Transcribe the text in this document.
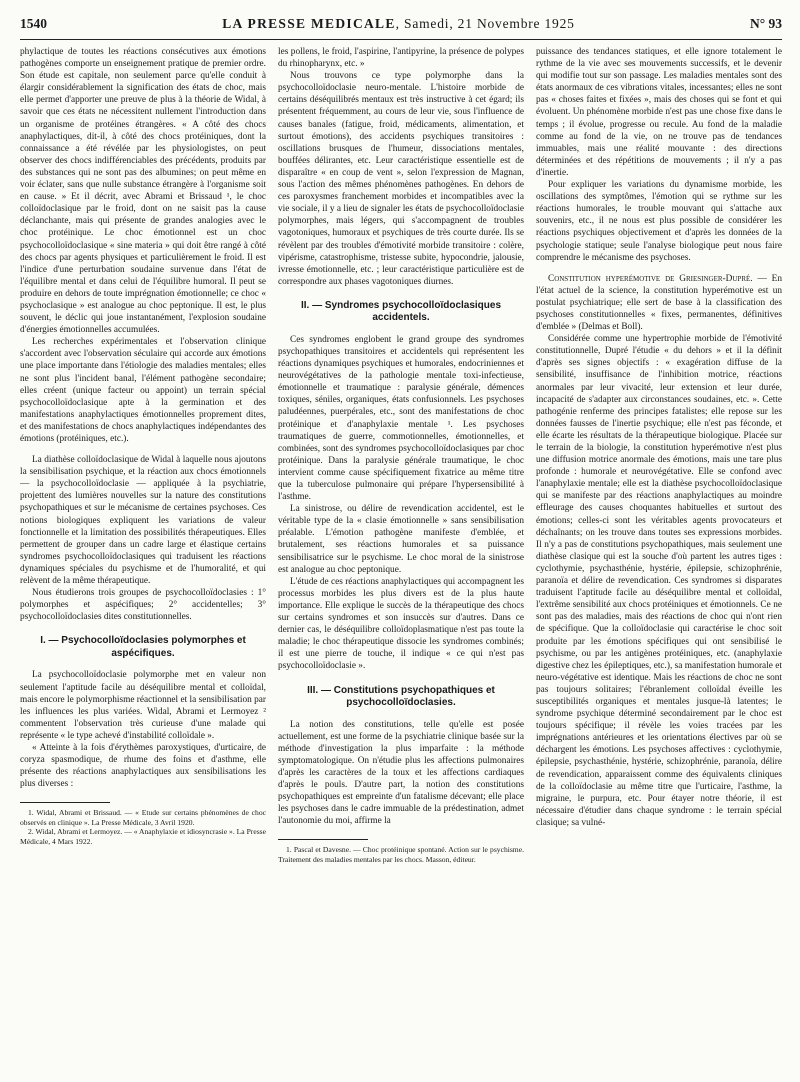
1540	LA PRESSE MEDICALE, Samedi, 21 Novembre 1925	N° 93

phylactique de toutes les réactions consécutives aux émotions pathogènes comporte un enseignement pratique de premier ordre. Son étude est capitale, non seulement parce qu'elle conduit à élargir considérablement la signification des états de choc, mais elle permet d'apporter une preuve de plus à la théorie de Widal, à savoir que ces états ne nécessitent nullement l'introduction dans un organisme de protéines étrangères. « A côté des chocs anaphylactiques, dit-il, à côté des chocs protéiniques, dont la connaissance a été révélée par les physiologistes, on peut observer des chocs indifférenciables des précédents, produits par des substances qui ne sont pas des albumines; on peut même en voir éclater, sans que nulle substance étrangère à l'organisme soit en cause. » Et il décrit, avec Abrami et Brissaud ¹, le choc colloïdoclasique par le froid, dont on ne saisit pas la cause déclanchante, mais qui présente de grandes analogies avec le choc protéinique. Le choc émotionnel est un choc psychocolloïdoclasique « sine materia » qui doit être rangé à côté des chocs par agents physiques et particulièrement le froid. Il est l'indice d'une perturbation soudaine survenue dans l'état de l'équilibre mental et dans celui de l'équilibre humoral. Il peut se produire en dehors de toute imprégnation émotionnelle; ce choc « psychoclasique » est analogue au choc peptonique. Il est, le plus souvent, le déclic qui joue instantanément, l'explosion soudaine d'énergies émotionnelles accumulées.

Les recherches expérimentales et l'observation clinique s'accordent avec l'observation séculaire qui accorde aux émotions une place importante dans l'étiologie des maladies mentales; elles ne sont plus l'incident banal, l'élément pathogène secondaire; elles créent (unique facteur ou appoint) un terrain spécial psychocolloïdoclasique apte à la germination et des manifestations anaphylactiques émotionnelles proprement dites, et des manifestations de chocs anaphylactiques indépendantes des émotions (protéiniques, etc.).

La diathèse colloïdoclasique de Widal à laquelle nous ajoutons la sensibilisation psychique, et la réaction aux chocs émotionnels — la psychocolloïdoclasie — appliquée à la psychiatrie, projettent des lumières nouvelles sur la nature des constitutions psychopathiques et sur le mécanisme de certaines psychoses. Ces notions biologiques expliquent les variations de valeur fonctionnelle et la limitation des possibilités thérapeutiques. Elles permettent de grouper dans un cadre large et élastique certains syndromes psychocolloïdoclasiques qui traduisent les réactions dynamiques spéciales du psychisme et de l'humoralité, et qui relèvent de la même thérapeutique.

Nous étudierons trois groupes de psychocolloïdoclasies : 1° polymorphes et aspécifiques; 2° accidentelles; 3° psychocolloïdoclasies dites constitutionnelles.

I. — Psychocolloïdoclasies polymorphes et aspécifiques.

La psychocolloïdoclasie polymorphe met en valeur non seulement l'aptitude facile au déséquilibre mental et colloïdal, mais encore le polymorphisme réactionnel et la sensibilisation par les influences les plus variées. Widal, Abrami et Lermoyez ² commentent l'observation très curieuse d'une malade qui représente « le type achevé d'instabilité colloïdale ».

« Atteinte à la fois d'érythèmes paroxystiques, d'urticaire, de coryza spasmodique, de rhume des foins et d'asthme, elle présente des réactions anaphylactiques aux sensibilisations les plus diverses :

1. Widal, Abrami et Brissaud. — « Etude sur certains phénomènes de choc observés en clinique ». La Presse Médicale, 3 Avril 1920.
2. Widal, Abrami et Lermoyez. — « Anaphylaxie et idiosyncrasie ». La Presse Médicale, 4 Mars 1922.

les pollens, le froid, l'aspirine, l'antipyrine, la présence de polypes du rhinopharynx, etc. »

Nous trouvons ce type polymorphe dans la psychocolloïdoclasie neuro-mentale. L'histoire morbide de certains déséquilibrés mentaux est très instructive à cet égard; ils présentent fréquemment, au cours de leur vie, sous l'influence de causes banales (fatigue, froid, médicaments, alimentation, et surtout émotions), des accidents psychiques transitoires : oscillations brusques de l'humeur, dissociations mentales, bouffées délirantes, etc. Leur caractéristique essentielle est de disparaître « en coup de vent », selon l'expression de Magnan, sous l'action des mêmes phénomènes pathogènes. En dehors de ces paroxysmes franchement morbides et incompatibles avec la vie sociale, il y a lieu de signaler les états de psychocolloïdoclasie polymorphes, mais légers, qui s'accompagnent de troubles vagotoniques, humoraux et psychiques de très courte durée. Ils se révèlent par des troubles d'émotivité morbide transitoire : colère, vipérisme, catastrophisme, tristesse subite, hypocondrie, jalousie, ivresse émotionnelle, etc. ; leur caractéristique particulière est de correspondre aux phases vagotoniques diurnes.

II. — Syndromes psychocolloïdoclasiques accidentels.

Ces syndromes englobent le grand groupe des syndromes psychopathiques transitoires et accidentels qui représentent les réactions dynamiques psychiques et humorales, endocriniennes et neurovégétatives de la pathologie mentale toxi-infectieuse, émotionnelle et traumatique : paralysie générale, démences toxiques, séniles, organiques, états confusionnels. Les psychoses paludéennes, puerpérales, etc., sont des manifestations de choc protéinique et d'anaphylaxie mentale ¹. Les psychoses traumatiques de guerre, commotionnelles, émotionnelles, et combinées, sont des syndromes psychocolloïdoclasiques par choc protéinique. Dans la paralysie générale traumatique, le choc intervient comme cause spécifiquement fixatrice au même titre que la tuberculose pulmonaire qui prépare l'hypersensibilité à l'asthme.

La sinistrose, ou délire de revendication accidentel, est le véritable type de la « clasie émotionnelle » sans sensibilisation préalable. L'émotion pathogène manifeste d'emblée, et brutalement, ses réactions humorales et sa puissance sensibilisatrice sur le psychisme. Le choc moral de la sinistrose est analogue au choc peptonique.

L'étude de ces réactions anaphylactiques qui accompagnent les processus morbides les plus divers est de la plus haute importance. Elle explique le succès de la thérapeutique des chocs sur certains syndromes et son insuccès sur d'autres. Dans ce dernier cas, le déséquilibre colloïdoplasmatique n'est pas toute la maladie; le choc thérapeutique dissocie les syndromes combinés; il est une pierre de touche, il indique « ce qui n'est pas psychocolloïdoclasie ».

III. — Constitutions psychopathiques et psychocolloïdoclasies.

La notion des constitutions, telle qu'elle est posée actuellement, est une forme de la psychiatrie clinique basée sur la méthode d'investigation la plus imparfaite : la méthode symptomatologique. On n'étudie plus les affections pulmonaires d'après les caractères de la toux et les affections cardiaques d'après le pouls. D'autre part, la notion des constitutions psychopathiques est empreinte d'un fatalisme décevant; elle place les psychoses dans le cadre immuable de la prédestination, admet l'autonomie du moi, affirme la

1. Pascal et Davesne. — Choc protéinique spontané. Action sur le psychisme. Traitement des maladies mentales par les chocs. Masson, éditeur.

puissance des tendances statiques, et elle ignore totalement le rythme de la vie avec ses mouvements successifs, et le devenir qui modifie tout sur son passage. Les maladies mentales sont des états anormaux de ces vibrations vitales, incessantes; elles ne sont pas « choses faites et fixées », mais des choses qui se font et qui évoluent. Un phénomène morbide n'est pas une chose fixe dans le temps ; il évolue, progresse ou recule. Au fond de la maladie comme au fond de la vie, on ne trouve pas de tendances immuables, mais une réalité mouvante : des directions déterminées et des répétitions de mouvements ; il n'y a pas d'inertie.

Pour expliquer les variations du dynamisme morbide, les oscillations des symptômes, l'émotion qui se rythme sur les réactions humorales, le trouble mouvant qui s'attache aux souvenirs, etc., il ne nous est plus possible de considérer les réactions psychiques objectivement et d'après les données de la psychologie statique; seule l'analyse biologique peut nous faire comprendre le mécanisme des psychoses.

Constitution hyperémotive de Griesinger-Dupré. — En l'état actuel de la science, la constitution hyperémotive est un postulat psychiatrique; elle sert de base à la classification des psychoses constitutionnelles « fixes, permanentes, définitives d'emblée » (Delmas et Boll).

Considérée comme une hypertrophie morbide de l'émotivité constitutionnelle, Dupré l'étudie « du dehors » et il la définit d'après ses signes objectifs : « exagération diffuse de la sensibilité, insuffisance de l'inhibition motrice, réactions anormales par leur vivacité, leur extension et leur durée, incapacité de s'adapter aux circonstances soudaines, etc. ». Cette pathogénie renferme des principes fatalistes; elle repose sur les données fausses de l'inertie psychique; elle n'est pas féconde, et elle écarte les résultats de la thérapeutique biologique. Placée sur le terrain de la biologie, la constitution hyperémotive n'est plus une diffusion motrice anormale des émotions, mais une tare plus profonde : humorale et neurovégétative. Elle se confond avec l'anaphylaxie mentale; elle est la diathèse psychocolloïdoclasique qui se manifeste par des réactions anaphylactiques au moindre effleurage des causes choquantes habituelles et surtout des émotions; celles-ci sont les véritables agents provocateurs et déchaînants; on les trouve dans toutes ses expressions morbides. Il n'y a pas de constitutions psychopathiques, mais seulement une diathèse clasique qui est la souche d'où partent les autres tiges : cyclothymie, psychasthénie, hystérie, épilepsie, schizophrénie, paranoïa et délire de revendication. Ces syndromes si disparates traduisent l'aptitude facile au déséquilibre mental et colloïdal, l'extrême sensibilité aux chocs protéiniques et émotionnels. Ce ne sont pas des maladies, mais des réactions de choc qui n'ont rien de spécifique. Que la colloïdoclasie qui caractérise le choc soit produite par les émotions spécifiques qui ont sensibilisé le psychisme, ou par les antigènes protéiniques, etc. (anaphylaxie digestive chez les épileptiques, etc.), sa manifestation humorale et neuro-végétative est identique. Mais les réactions de choc ne sont pas toujours solitaires; l'ébranlement colloïdal éveille les susceptibilités organiques et mentales jusque-là latentes; le syndrome psychique déterminé secondairement par le choc est toujours spécifique; il révèle les voies tracées par les imprégnations antérieures et les orientations électives par où se déchargent les émotions. Les psychoses affectives : cyclothymie, épilepsie, psychasthénie, hystérie, schizophrénie, paranoïa, délire de revendication, apparaissent comme des équivalents cliniques de la colloïdoclasie au même titre que l'urticaire, l'asthme, la migraine, le purpura, etc. Pour étayer notre théorie, il est nécessaire d'étudier dans chaque syndrome : le terrain spécial clasique; sa vulné-
